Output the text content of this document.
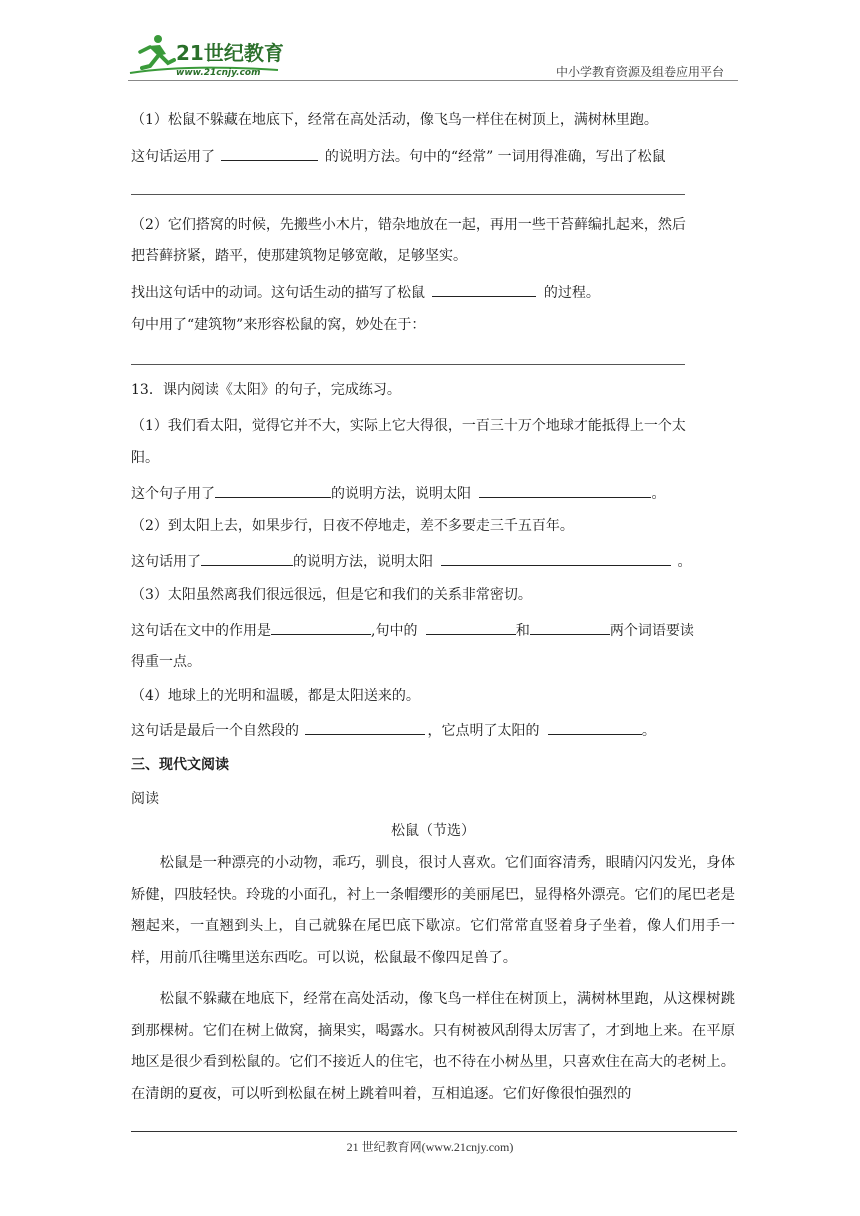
21世纪教育
www.21cnjy.com	中小学教育资源及组卷应用平台
（1）松鼠不躲藏在地底下，经常在高处活动，像飞鸟一样住在树顶上，满树林里跑。
这句话运用了	的说明方法。句中的“经常” 一词用得准确，写出了松鼠
（2）它们搭窝的时候，先搬些小木片，错杂地放在一起，再用一些干苔藓编扎起来，然后
把苔藓挤紧，踏平，使那建筑物足够宽敞，足够坚实。
找出这句话中的动词。这句话生动的描写了松鼠	的过程。
句中用了“建筑物”来形容松鼠的窝，妙处在于：
13．课内阅读《太阳》的句子，完成练习。
（1）我们看太阳，觉得它并不大，实际上它大得很，一百三十万个地球才能抵得上一个太
阳。
这个句子用了	的说明方法，说明太阳	。
（2）到太阳上去，如果步行，日夜不停地走，差不多要走三千五百年。
这句话用了	的说明方法，说明太阳	。
（3）太阳虽然离我们很远很远，但是它和我们的关系非常密切。
这句话在文中的作用是	,句中的	和	两个词语要读
得重一点。
（4）地球上的光明和温暖，都是太阳送来的。
这句话是最后一个自然段的	，它点明了太阳的	。
三、现代文阅读
阅读
松鼠（节选）
松鼠是一种漂亮的小动物，乖巧，驯良，很讨人喜欢。它们面容清秀，眼睛闪闪发光，身体矫健，四肢轻快。玲珑的小面孔，衬上一条帽缨形的美丽尾巴，显得格外漂亮。它们的尾巴老是翘起来，一直翘到头上，自己就躲在尾巴底下歇凉。它们常常直竖着身子坐着，像人们用手一样，用前爪往嘴里送东西吃。可以说，松鼠最不像四足兽了。
松鼠不躲藏在地底下，经常在高处活动，像飞鸟一样住在树顶上，满树林里跑，从这棵树跳到那棵树。它们在树上做窝，摘果实，喝露水。只有树被风刮得太厉害了，才到地上来。在平原地区是很少看到松鼠的。它们不接近人的住宅，也不待在小树丛里，只喜欢住在高大的老树上。在清朗的夏夜，可以听到松鼠在树上跳着叫着，互相追逐。它们好像很怕强烈的
21 世纪教育网(www.21cnjy.com)
